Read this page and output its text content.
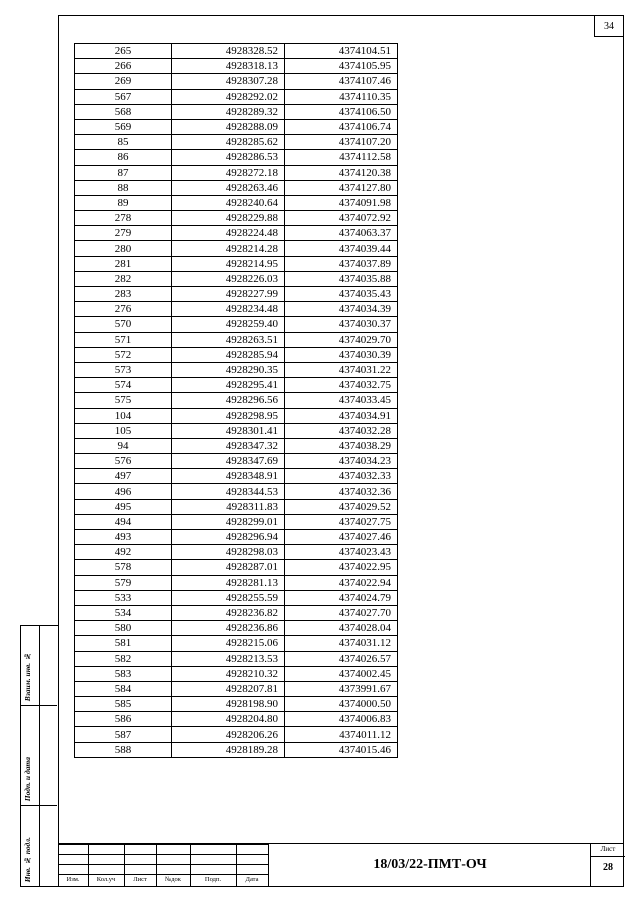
34
Взаим. инв. №
Подп. и дата
Инв. № подл.
265	4928328.52	4374104.51
266	4928318.13	4374105.95
269	4928307.28	4374107.46
567	4928292.02	4374110.35
568	4928289.32	4374106.50
569	4928288.09	4374106.74
85	4928285.62	4374107.20
86	4928286.53	4374112.58
87	4928272.18	4374120.38
88	4928263.46	4374127.80
89	4928240.64	4374091.98
278	4928229.88	4374072.92
279	4928224.48	4374063.37
280	4928214.28	4374039.44
281	4928214.95	4374037.89
282	4928226.03	4374035.88
283	4928227.99	4374035.43
276	4928234.48	4374034.39
570	4928259.40	4374030.37
571	4928263.51	4374029.70
572	4928285.94	4374030.39
573	4928290.35	4374031.22
574	4928295.41	4374032.75
575	4928296.56	4374033.45
104	4928298.95	4374034.91
105	4928301.41	4374032.28
94	4928347.32	4374038.29
576	4928347.69	4374034.23
497	4928348.91	4374032.33
496	4928344.53	4374032.36
495	4928311.83	4374029.52
494	4928299.01	4374027.75
493	4928296.94	4374027.46
492	4928298.03	4374023.43
578	4928287.01	4374022.95
579	4928281.13	4374022.94
533	4928255.59	4374024.79
534	4928236.82	4374027.70
580	4928236.86	4374028.04
581	4928215.06	4374031.12
582	4928213.53	4374026.57
583	4928210.32	4374002.45
584	4928207.81	4373991.67
585	4928198.90	4374000.50
586	4928204.80	4374006.83
587	4928206.26	4374011.12
588	4928189.28	4374015.46
Изм.	Кол.уч	Лист	№док	Подп.	Дата
18/03/22-ПМТ-ОЧ
Лист
28
